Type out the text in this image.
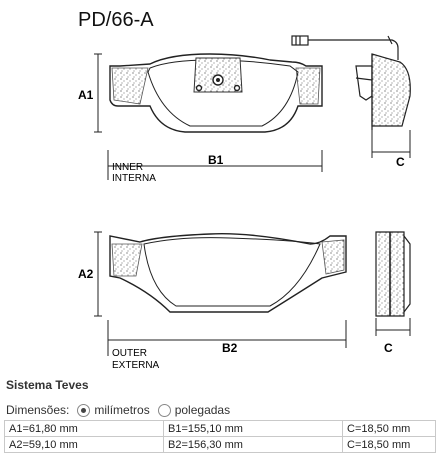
PD/66-A
A1
B1
INNER
INTERNA
C
A2
B2
OUTER
EXTERNA
C
Sistema Teves
Dimensões: milímetros polegadas
A1=61,80 mm	B1=155,10 mm	C=18,50 mm
A2=59,10 mm	B2=156,30 mm	C=18,50 mm
